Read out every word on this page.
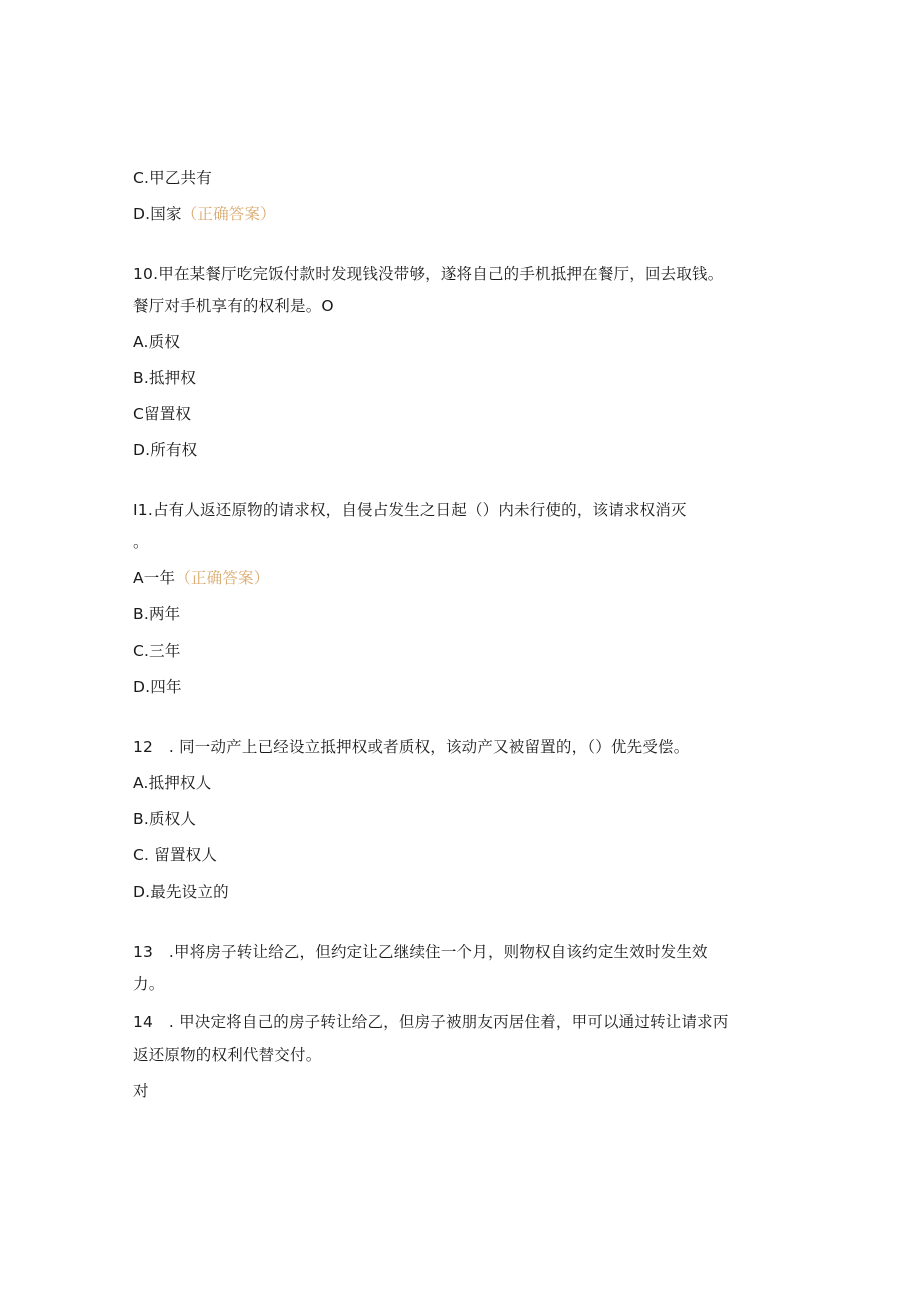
C.甲乙共有
D.国家（正确答案）
10.甲在某餐厅吃完饭付款时发现钱没带够，遂将自己的手机抵押在餐厅，回去取钱。
餐厅对手机享有的权利是。O
A.质权
B.抵押权
C留置权
D.所有权
I1.占有人返还原物的请求权，自侵占发生之日起（）内未行使的，该请求权消灭
。
A一年（正确答案）
B.两年
C.三年
D.四年
12　. 同一动产上已经设立抵押权或者质权，该动产又被留置的，（）优先受偿。
A.抵押权人
B.质权人
C. 留置权人
D.最先设立的
13　.甲将房子转让给乙，但约定让乙继续住一个月，则物权自该约定生效时发生效
力。
14　. 甲决定将自己的房子转让给乙，但房子被朋友丙居住着，甲可以通过转让请求丙
返还原物的权利代替交付。
对
